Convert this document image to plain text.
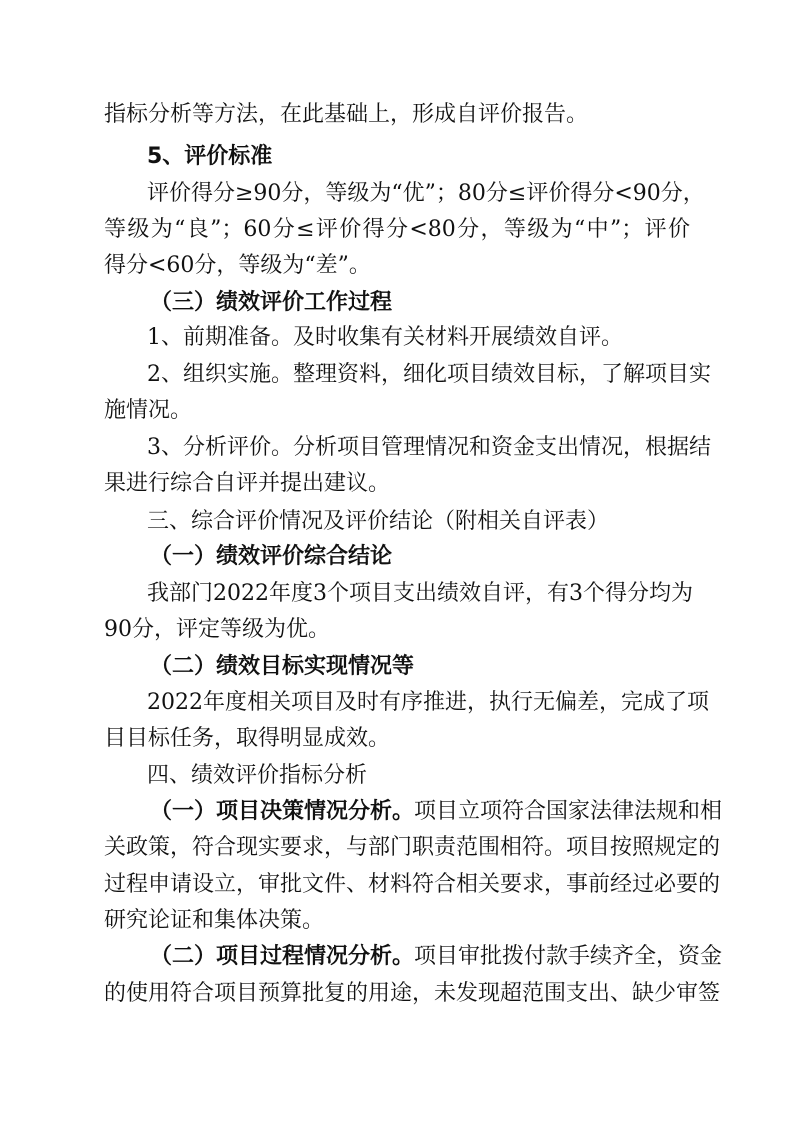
指标分析等方法，在此基础上，形成自评价报告。
5、评价标准
评价得分≥90分，等级为“优”；80分≤评价得分<90分，
等级为“良”；60分≤评价得分<80分，等级为“中”；评价
得分<60分，等级为“差”。
（三）绩效评价工作过程
1、前期准备。及时收集有关材料开展绩效自评。
2、组织实施。整理资料，细化项目绩效目标，了解项目实
施情况。
3、分析评价。分析项目管理情况和资金支出情况，根据结
果进行综合自评并提出建议。
三、综合评价情况及评价结论（附相关自评表）
（一）绩效评价综合结论
我部门2022年度3个项目支出绩效自评，有3个得分均为
90分，评定等级为优。
（二）绩效目标实现情况等
2022年度相关项目及时有序推进，执行无偏差，完成了项
目目标任务，取得明显成效。
四、绩效评价指标分析
（一）项目决策情况分析。项目立项符合国家法律法规和相
关政策，符合现实要求，与部门职责范围相符。项目按照规定的
过程申请设立，审批文件、材料符合相关要求，事前经过必要的
研究论证和集体决策。
（二）项目过程情况分析。项目审批拨付款手续齐全，资金
的使用符合项目预算批复的用途，未发现超范围支出、缺少审签
